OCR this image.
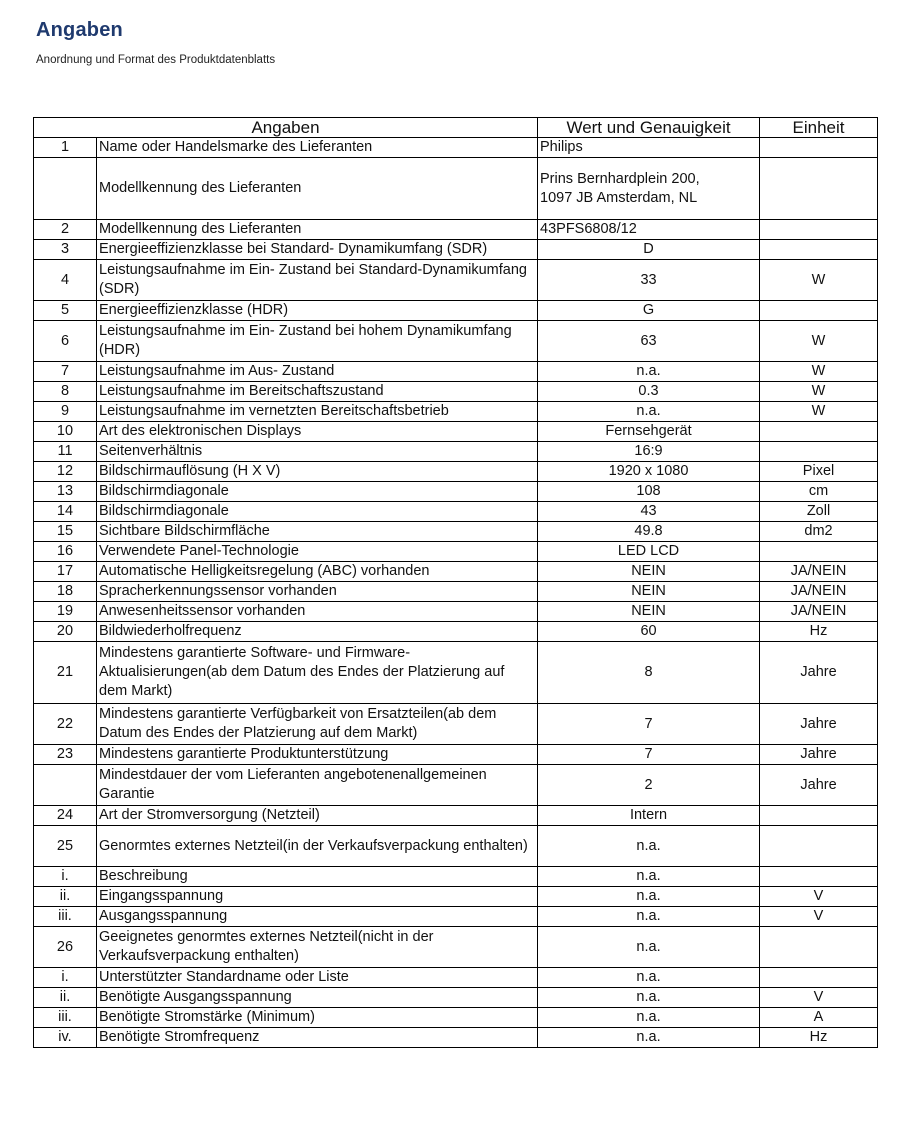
Angaben
Anordnung und Format des Produktdatenblatts
Angaben		Wert und Genauigkeit	Einheit
1	Name oder Handelsmarke des Lieferanten	Philips	
	Modellkennung des Lieferanten	Prins Bernhardplein 200,
1097 JB Amsterdam, NL	
2	Modellkennung des Lieferanten	43PFS6808/12	
3	Energieeffizienzklasse bei Standard- Dynamikumfang (SDR)	D	
4	Leistungsaufnahme im Ein- Zustand bei Standard-Dynamikumfang (SDR)	33	W
5	Energieeffizienzklasse (HDR)	G	
6	Leistungsaufnahme im Ein- Zustand bei hohem Dynamikumfang (HDR)	63	W
7	Leistungsaufnahme im Aus- Zustand	n.a.	W
8	Leistungsaufnahme im Bereitschaftszustand	0.3	W
9	Leistungsaufnahme im vernetzten Bereitschaftsbetrieb	n.a.	W
10	Art des elektronischen Displays	Fernsehgerät	
11	Seitenverhältnis	16:9	
12	Bildschirmauflösung (H X V)	1920 x 1080	Pixel
13	Bildschirmdiagonale	108	cm
14	Bildschirmdiagonale	43	Zoll
15	Sichtbare Bildschirmfläche	49.8	dm2
16	Verwendete Panel-Technologie	LED LCD	
17	Automatische Helligkeitsregelung (ABC) vorhanden	NEIN	JA/NEIN
18	Spracherkennungssensor vorhanden	NEIN	JA/NEIN
19	Anwesenheitssensor vorhanden	NEIN	JA/NEIN
20	Bildwiederholfrequenz	60	Hz
21	Mindestens garantierte Software- und Firmware-Aktualisierungen(ab dem Datum des Endes der Platzierung auf dem Markt)	8	Jahre
22	Mindestens garantierte Verfügbarkeit von Ersatzteilen(ab dem Datum des Endes der Platzierung auf dem Markt)	7	Jahre
23	Mindestens garantierte Produktunterstützung	7	Jahre
	Mindestdauer der vom Lieferanten angebotenenallgemeinen Garantie	2	Jahre
24	Art der Stromversorgung (Netzteil)	Intern	
25	Genormtes externes Netzteil(in der Verkaufsverpackung enthalten)	n.a.	
i.	Beschreibung	n.a.	
ii.	Eingangsspannung	n.a.	V
iii.	Ausgangsspannung	n.a.	V
26	Geeignetes genormtes externes Netzteil(nicht in der Verkaufsverpackung enthalten)	n.a.	
i.	Unterstützter Standardname oder Liste	n.a.	
ii.	Benötigte Ausgangsspannung	n.a.	V
iii.	Benötigte Stromstärke (Minimum)	n.a.	A
iv.	Benötigte Stromfrequenz	n.a.	Hz
